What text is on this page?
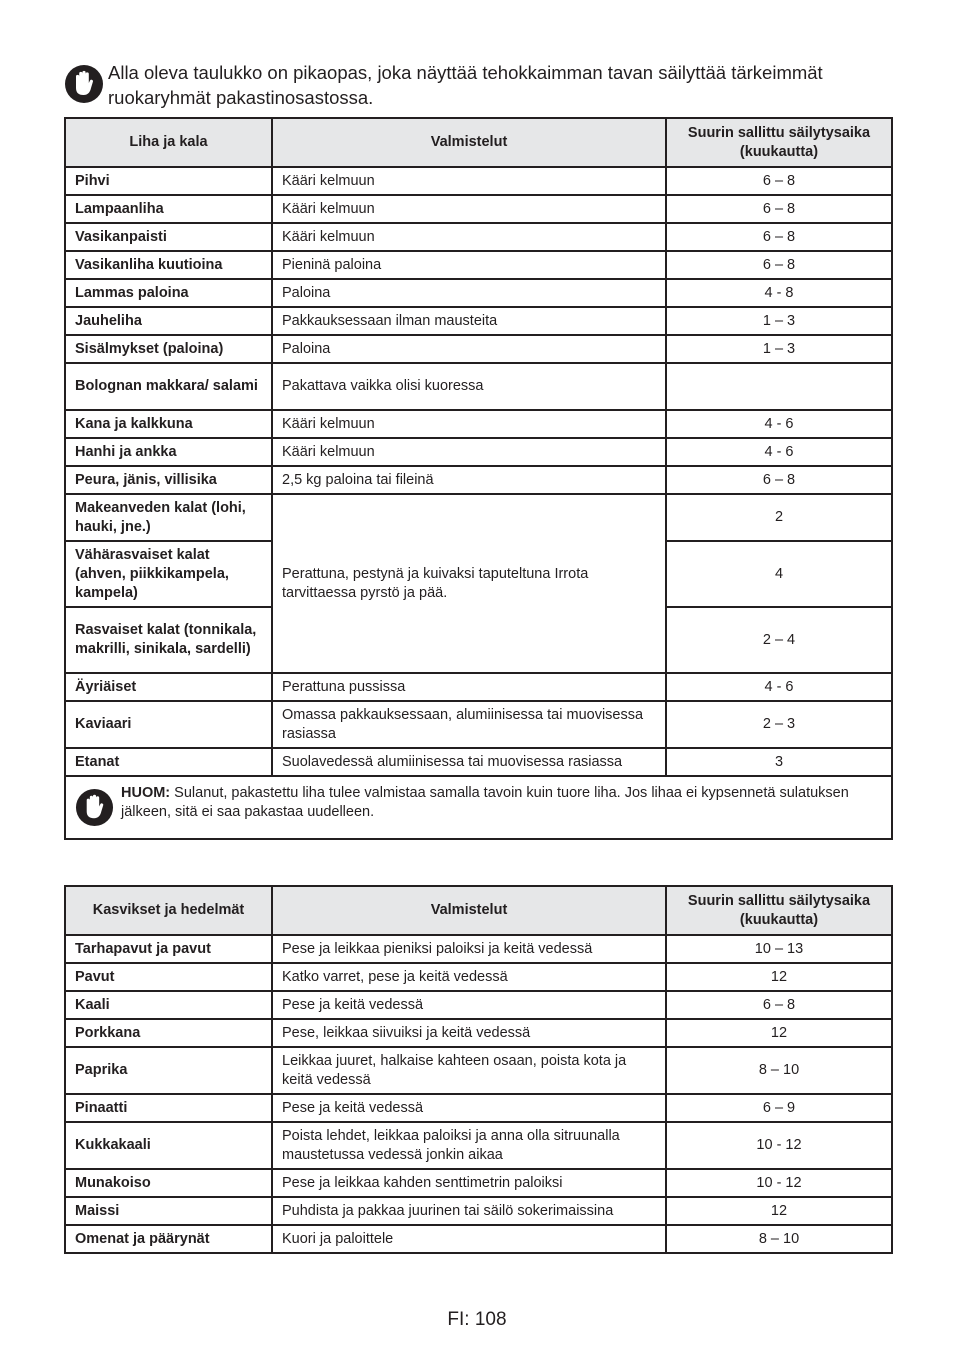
Alla oleva taulukko on pikaopas, joka näyttää tehokkaimman tavan säilyttää tärkeimmät ruokaryhmät pakastinosastossa.
Liha ja kala	Valmistelut	Suurin sallittu säilytysaika (kuukautta)
Pihvi	Kääri kelmuun	6 – 8
Lampaanliha	Kääri kelmuun	6 – 8
Vasikanpaisti	Kääri kelmuun	6 – 8
Vasikanliha kuutioina	Pieninä paloina	6 – 8
Lammas paloina	Paloina	4 - 8
Jauheliha	Pakkauksessaan ilman mausteita	1 – 3
Sisälmykset (paloina)	Paloina	1 – 3
Bolognan makkara/ salami	Pakattava vaikka olisi kuoressa	
Kana ja kalkkuna	Kääri kelmuun	4 - 6
Hanhi ja ankka	Kääri kelmuun	4 - 6
Peura, jänis, villisika	2,5 kg paloina tai fileinä	6 – 8
Makeanveden kalat (lohi, hauki, jne.)	Perattuna, pestynä ja kuivaksi taputeltuna Irrota tarvittaessa pyrstö ja pää.	2
Vähärasvaiset kalat (ahven, piikkikampela, kampela)		4
Rasvaiset kalat (tonnikala, makrilli, sinikala, sardelli)		2 – 4
Äyriäiset	Perattuna pussissa	4 - 6
Kaviaari	Omassa pakkauksessaan, alumiinisessa tai muovisessa rasiassa	2 – 3
Etanat	Suolavedessä alumiinisessa tai muovisessa rasiassa	3

HUOM: Sulanut, pakastettu liha tulee valmistaa samalla tavoin kuin tuore liha. Jos lihaa ei kypsennetä sulatuksen jälkeen, sitä ei saa pakastaa uudelleen.		
Kasvikset ja hedelmät	Valmistelut	Suurin sallittu säilytysaika (kuukautta)
Tarhapavut ja pavut	Pese ja leikkaa pieniksi paloiksi ja keitä vedessä	10 – 13
Pavut	Katko varret, pese ja keitä vedessä	12
Kaali	Pese ja keitä vedessä	6 – 8
Porkkana	Pese, leikkaa siivuiksi ja keitä vedessä	12
Paprika	Leikkaa juuret, halkaise kahteen osaan, poista kota ja keitä vedessä	8 – 10
Pinaatti	Pese ja keitä vedessä	6 – 9
Kukkakaali	Poista lehdet, leikkaa paloiksi ja anna olla sitruunalla maustetussa vedessä jonkin aikaa	10 - 12
Munakoiso	Pese ja leikkaa kahden senttimetrin paloiksi	10 - 12
Maissi	Puhdista ja pakkaa juurinen tai säilö sokerimaissina	12
Omenat ja päärynät	Kuori ja paloittele	8 – 10
FI: 108
